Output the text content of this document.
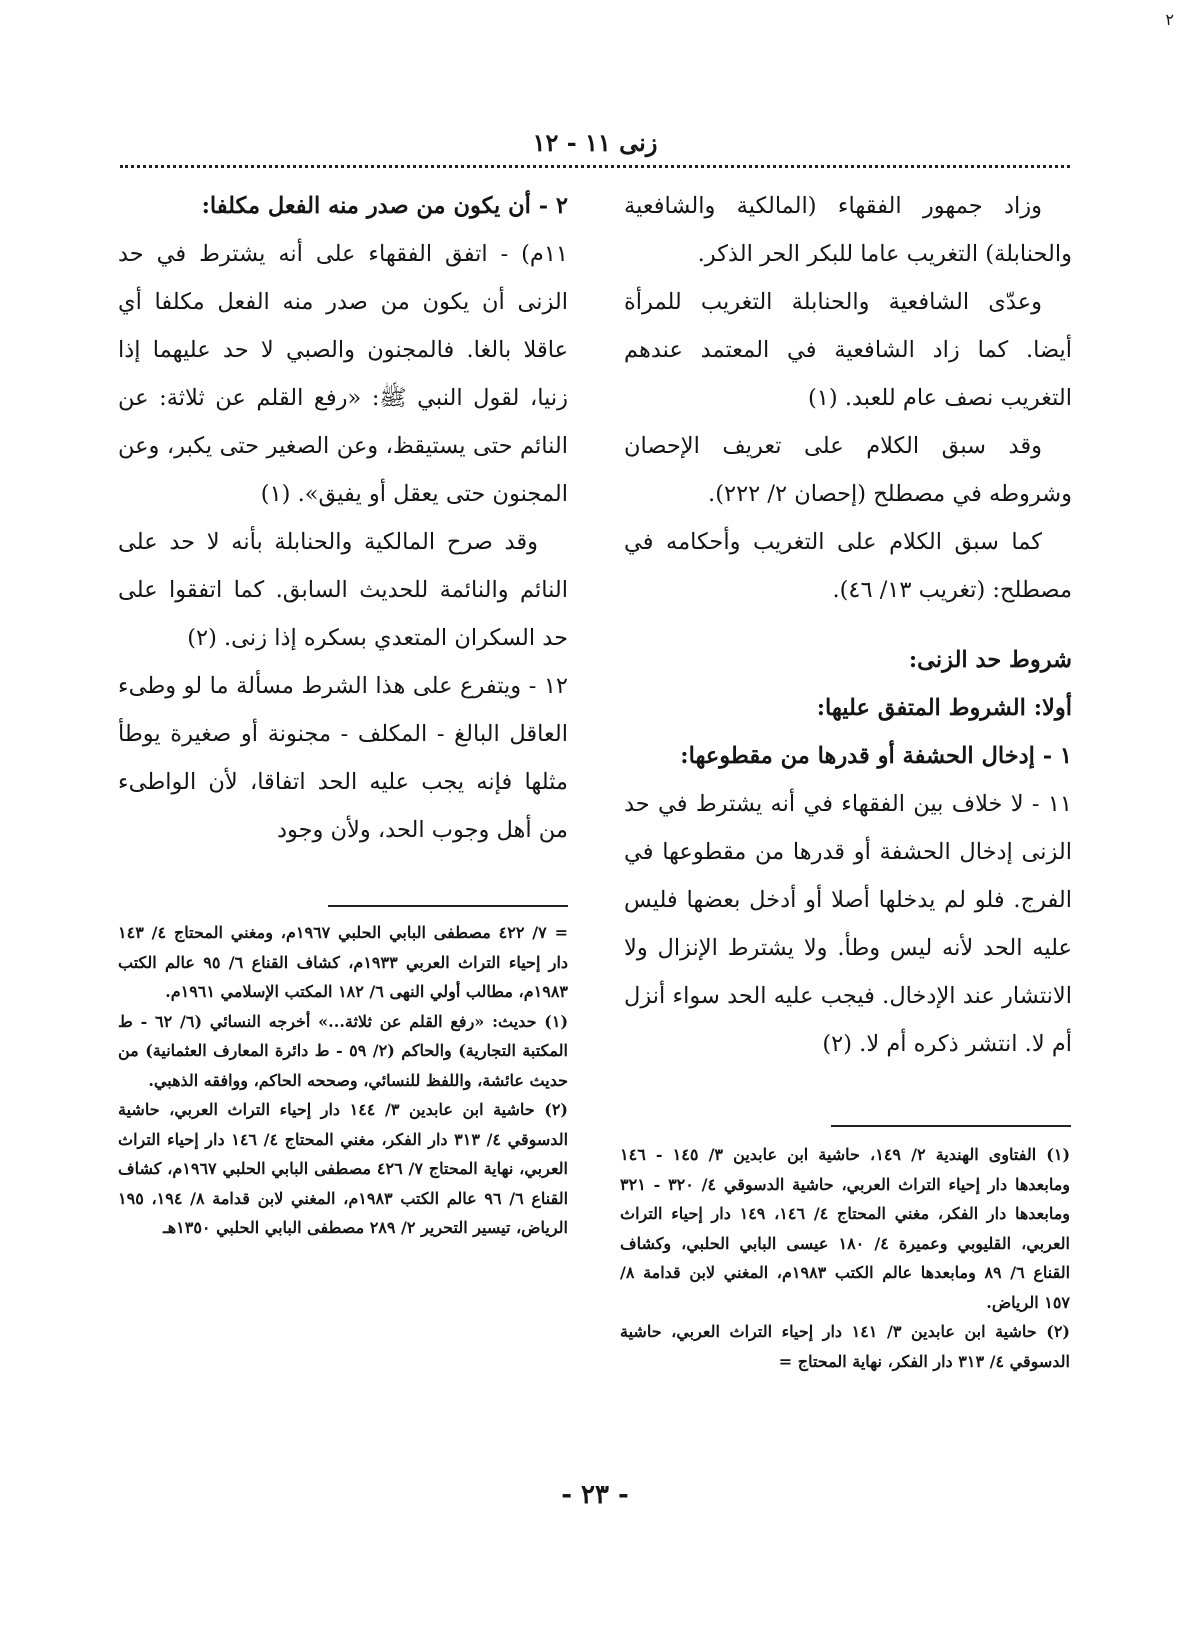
٢
زنى ١١ - ١٢

وزاد جمهور الفقهاء (المالكية والشافعية والحنابلة) التغريب عاما للبكر الحر الذكر.

وعدّى الشافعية والحنابلة التغريب للمرأة أيضا. كما زاد الشافعية في المعتمد عندهم التغريب نصف عام للعبد. (١)

وقد سبق الكلام على تعريف الإحصان وشروطه في مصطلح (إحصان ٢/ ٢٢٢).

كما سبق الكلام على التغريب وأحكامه في مصطلح: (تغريب ١٣/ ٤٦).

شروط حد الزنى:

أولا: الشروط المتفق عليها:

١ - إدخال الحشفة أو قدرها من مقطوعها:

١١ - لا خلاف بين الفقهاء في أنه يشترط في حد الزنى إدخال الحشفة أو قدرها من مقطوعها في الفرج. فلو لم يدخلها أصلا أو أدخل بعضها فليس عليه الحد لأنه ليس وطأ. ولا يشترط الإنزال ولا الانتشار عند الإدخال. فيجب عليه الحد سواء أنزل أم لا. انتشر ذكره أم لا. (٢)

(١) الفتاوى الهندية ٢/ ١٤٩، حاشية ابن عابدين ٣/ ١٤٥ - ١٤٦ ومابعدها دار إحياء التراث العربي، حاشية الدسوقي ٤/ ٣٢٠ - ٣٢١ ومابعدها دار الفكر، مغني المحتاج ٤/ ١٤٦، ١٤٩ دار إحياء التراث العربي، القليوبي وعميرة ٤/ ١٨٠ عيسى البابي الحلبي، وكشاف القناع ٦/ ٨٩ ومابعدها عالم الكتب ١٩٨٣م، المغني لابن قدامة ٨/ ١٥٧ الرياض.

(٢) حاشية ابن عابدين ٣/ ١٤١ دار إحياء التراث العربي، حاشية الدسوقي ٤/ ٣١٣ دار الفكر، نهاية المحتاج =

٢ - أن يكون من صدر منه الفعل مكلفا:

١١م) - اتفق الفقهاء على أنه يشترط في حد الزنى أن يكون من صدر منه الفعل مكلفا أي عاقلا بالغا. فالمجنون والصبي لا حد عليهما إذا زنيا، لقول النبي ﷺ: «رفع القلم عن ثلاثة: عن النائم حتى يستيقظ، وعن الصغير حتى يكبر، وعن المجنون حتى يعقل أو يفيق». (١)

وقد صرح المالكية والحنابلة بأنه لا حد على النائم والنائمة للحديث السابق. كما اتفقوا على حد السكران المتعدي بسكره إذا زنى. (٢)

١٢ - ويتفرع على هذا الشرط مسألة ما لو وطىء العاقل البالغ - المكلف - مجنونة أو صغيرة يوطأ مثلها فإنه يجب عليه الحد اتفاقا، لأن الواطىء من أهل وجوب الحد، ولأن وجود

= ٧/ ٤٢٢ مصطفى البابي الحلبي ١٩٦٧م، ومغني المحتاج ٤/ ١٤٣ دار إحياء التراث العربي ١٩٣٣م، كشاف القناع ٦/ ٩٥ عالم الكتب ١٩٨٣م، مطالب أولي النهى ٦/ ١٨٢ المكتب الإسلامي ١٩٦١م.

(١) حديث: «رفع القلم عن ثلاثة...» أخرجه النسائي (٦/ ٦٢ - ط المكتبة التجارية) والحاكم (٢/ ٥٩ - ط دائرة المعارف العثمانية) من حديث عائشة، واللفظ للنسائي، وصححه الحاكم، ووافقه الذهبي.

(٢) حاشية ابن عابدين ٣/ ١٤٤ دار إحياء التراث العربي، حاشية الدسوقي ٤/ ٣١٣ دار الفكر، مغني المحتاج ٤/ ١٤٦ دار إحياء التراث العربي، نهاية المحتاج ٧/ ٤٢٦ مصطفى البابي الحلبي ١٩٦٧م، كشاف القناع ٦/ ٩٦ عالم الكتب ١٩٨٣م، المغني لابن قدامة ٨/ ١٩٤، ١٩٥ الرياض، تيسير التحرير ٢/ ٢٨٩ مصطفى البابي الحلبي ١٣٥٠هـ

- ٢٣ -
